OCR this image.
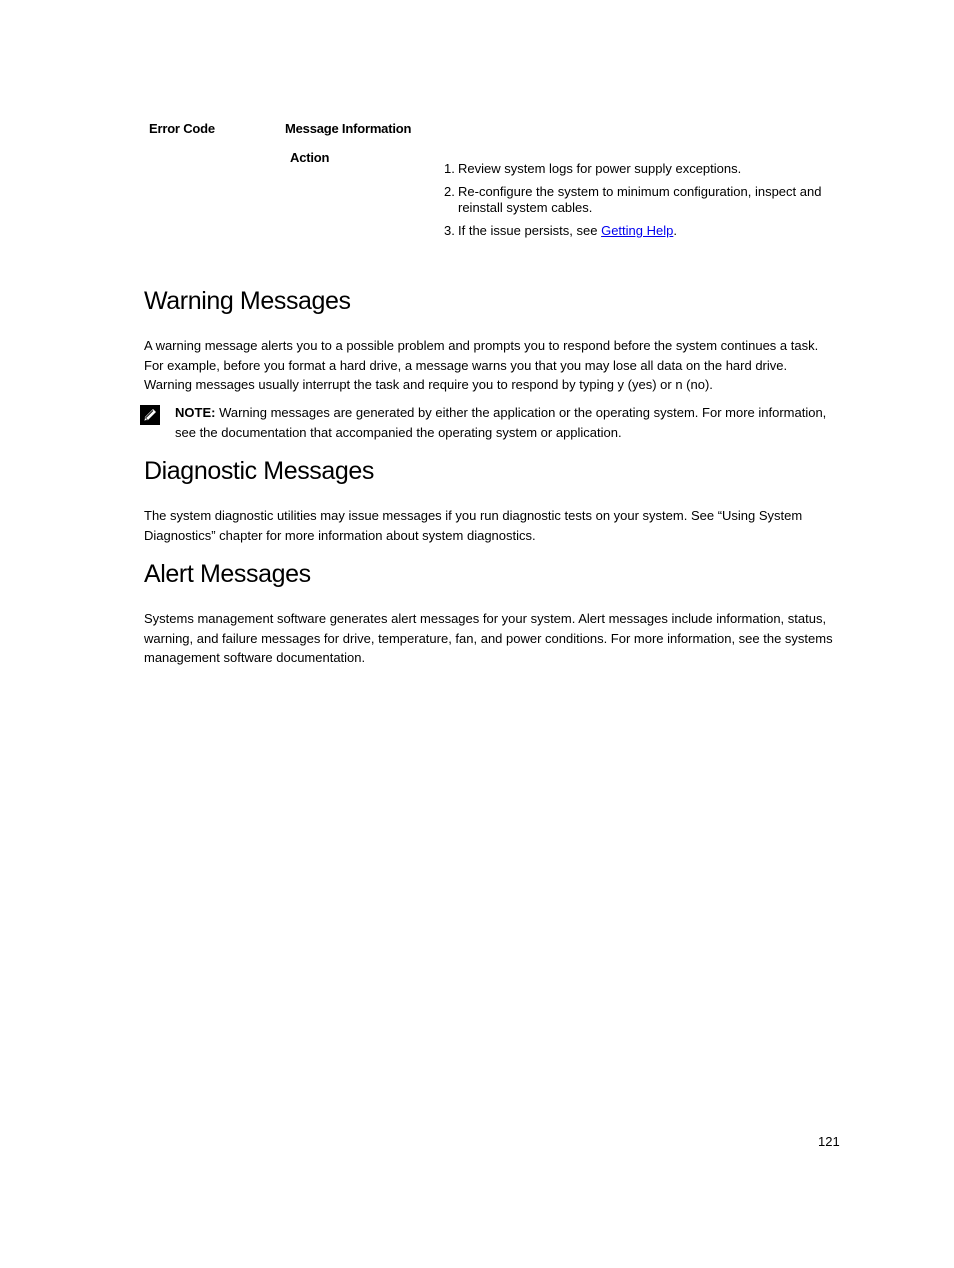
Error Code	Message Information
Action
1. Review system logs for power supply exceptions.
2. Re-configure the system to minimum configuration, inspect and reinstall system cables.
3. If the issue persists, see Getting Help.
Warning Messages

A warning message alerts you to a possible problem and prompts you to respond before the system continues a task. For example, before you format a hard drive, a message warns you that you may lose all data on the hard drive. Warning messages usually interrupt the task and require you to respond by typing y (yes) or n (no).

NOTE: Warning messages are generated by either the application or the operating system. For more information, see the documentation that accompanied the operating system or application.
Diagnostic Messages

The system diagnostic utilities may issue messages if you run diagnostic tests on your system. See “Using System Diagnostics” chapter for more information about system diagnostics.

Alert Messages

Systems management software generates alert messages for your system. Alert messages include information, status, warning, and failure messages for drive, temperature, fan, and power conditions. For more information, see the systems management software documentation.

121
